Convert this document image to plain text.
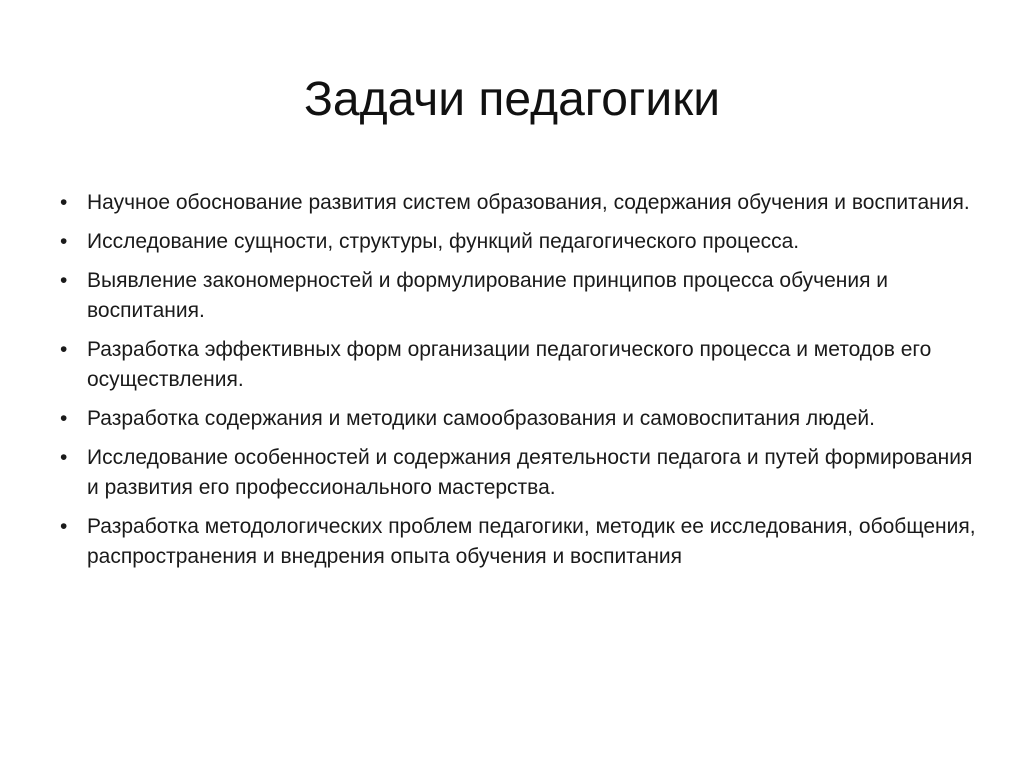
Задачи педагогики
• Научное обоснование развития систем образования, содержания обучения и воспитания.
• Исследование сущности, структуры, функций педагогического процесса.
• Выявление закономерностей и формулирование принципов процесса обучения и воспитания.
• Разработка эффективных форм организации педагогического процесса и методов его осуществления.
• Разработка содержания и методики самообразования и самовоспитания людей.
• Исследование особенностей и содержания деятельности педагога и путей формирования и развития его профессионального мастерства.
• Разработка методологических проблем педагогики, методик ее исследования, обобщения, распространения и внедрения опыта обучения и воспитания
